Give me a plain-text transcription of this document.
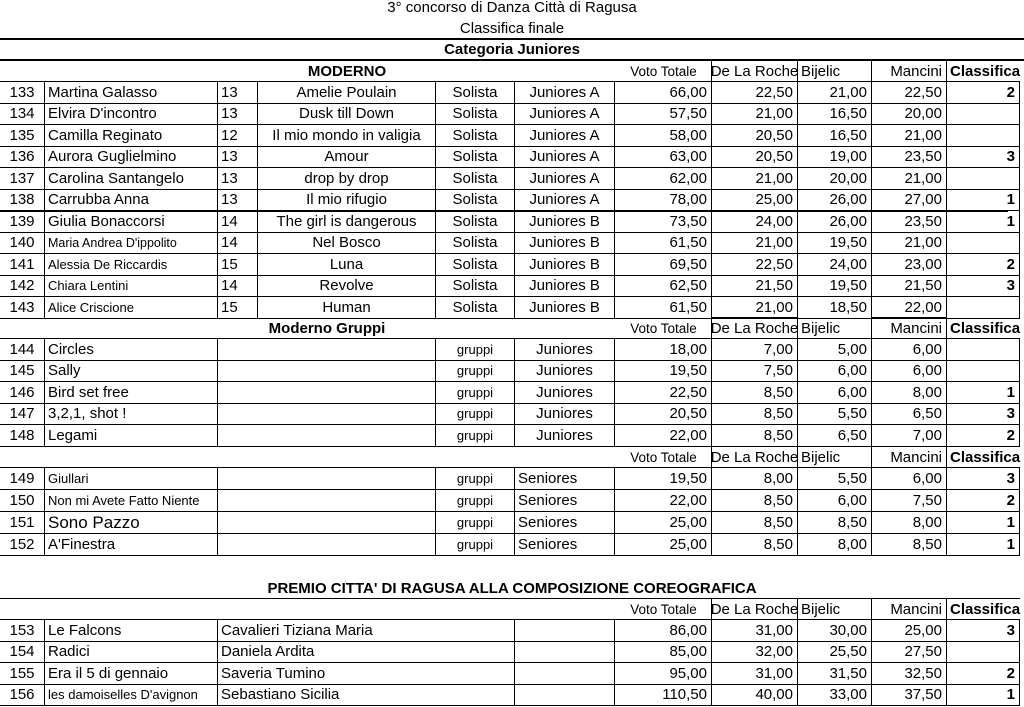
3° concorso di Danza Città di Ragusa
Classifica finale
Categoria Juniores
MODERNO	Voto Totale De La Roche Bijelic	Mancini Classifica
133 Martina Galasso	13	Amelie Poulain	Solista	Juniores A	66,00	22,50	21,00	22,50	2
134 Elvira D'incontro	13	Dusk till Down	Solista	Juniores A	57,50	21,00	16,50	20,00
135 Camilla Reginato	12	Il mio mondo in valigia	Solista	Juniores A	58,00	20,50	16,50	21,00
136 Aurora Guglielmino	13	Amour	Solista	Juniores A	63,00	20,50	19,00	23,50	3
137 Carolina Santangelo	13	drop by drop	Solista	Juniores A	62,00	21,00	20,00	21,00
138 Carrubba Anna	13	Il mio rifugio	Solista	Juniores A	78,00	25,00	26,00	27,00	1
139 Giulia Bonaccorsi	14	The girl is dangerous	Solista	Juniores B	73,50	24,00	26,00	23,50	1
140	Maria Andrea D'ippolito	14	Nel Bosco	Solista	Juniores B	61,50	21,00	19,50	21,00
141	Alessia De Riccardis	15	Luna	Solista	Juniores B	69,50	22,50	24,00	23,00	2
142	Chiara Lentini	14	Revolve	Solista	Juniores B	62,50	21,50	19,50	21,50	3
143	Alice Criscione	15	Human	Solista	Juniores B	61,50	21,00	18,50	22,00
Moderno Gruppi	Voto Totale De La Roche Bijelic	Mancini Classifica
144 Circles	gruppi	Juniores	18,00	7,00	5,00	6,00
145 Sally	gruppi	Juniores	19,50	7,50	6,00	6,00
146 Bird set free	gruppi	Juniores	22,50	8,50	6,00	8,00	1
147 3,2,1, shot !	gruppi	Juniores	20,50	8,50	5,50	6,50	3
148 Legami	gruppi	Juniores	22,00	8,50	6,50	7,00	2
Voto Totale De La Roche Bijelic	Mancini Classifica
149	Giullari	gruppi	Seniores	19,50	8,00	5,50	6,00	3
150	Non mi Avete Fatto Niente	gruppi	Seniores	22,00	8,50	6,00	7,50	2
151 Sono Pazzo	gruppi	Seniores	25,00	8,50	8,50	8,00	1
152 A'Finestra	gruppi	Seniores	25,00	8,50	8,00	8,50	1
PREMIO CITTA' DI RAGUSA ALLA COMPOSIZIONE COREOGRAFICA
Voto Totale De La Roche Bijelic	Mancini Classifica
153 Le Falcons	Cavalieri Tiziana Maria	86,00	31,00	30,00	25,00	3
154 Radici	Daniela Ardita	85,00	32,00	25,50	27,50
155 Era il 5 di gennaio	Saveria Tumino	95,00	31,00	31,50	32,50	2
156	les damoiselles D'avignon	Sebastiano Sicilia	110,50	40,00	33,00	37,50	1
